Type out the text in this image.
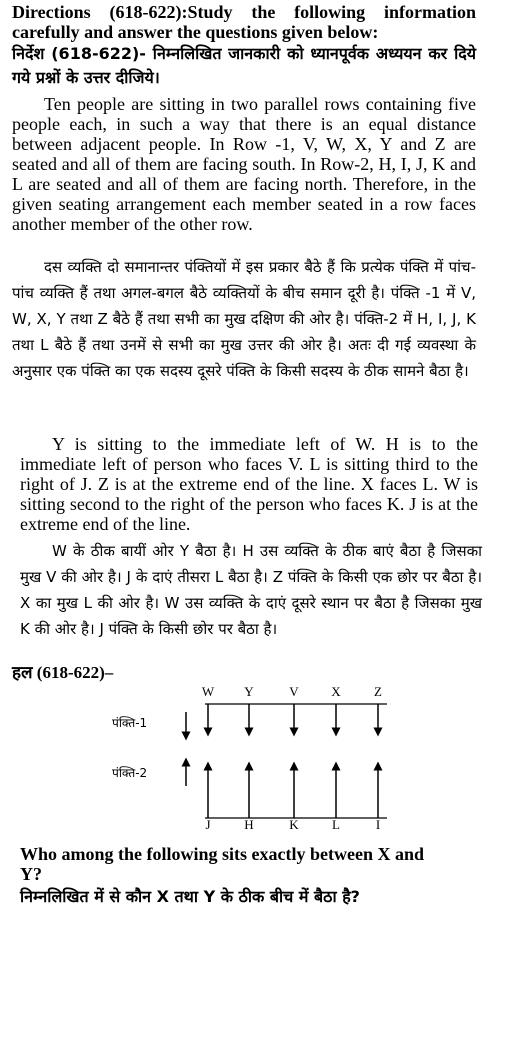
Directions (618-622):Study the following information carefully and answer the questions given below:
निर्देश (618-622)- निम्नलिखित जानकारी को ध्यानपूर्वक अध्ययन कर दिये गये प्रश्नों के उत्तर दीजिये।
Ten people are sitting in two parallel rows containing five people each, in such a way that there is an equal distance between adjacent people. In Row -1, V, W, X, Y and Z are seated and all of them are facing south. In Row-2, H, I, J, K and L are seated and all of them are facing north. Therefore, in the given seating arrangement each member seated in a row faces another member of the other row.
दस व्यक्ति दो समानान्तर पंक्तियों में इस प्रकार बैठे हैं कि प्रत्येक पंक्ति में पांच-पांच व्यक्ति हैं तथा अगल-बगल बैठे व्यक्तियों के बीच समान दूरी है। पंक्ति -1 में V, W, X, Y तथा Z बैठे हैं तथा सभी का मुख दक्षिण की ओर है। पंक्ति-2 में H, I, J, K तथा L बैठे हैं तथा उनमें से सभी का मुख उत्तर की ओर है। अतः दी गई व्यवस्था के अनुसार एक पंक्ति का एक सदस्य दूसरे पंक्ति के किसी सदस्य के ठीक सामने बैठा है।
Y is sitting to the immediate left of W. H is to the immediate left of person who faces V. L is sitting third to the right of J. Z is at the extreme end of the line. X faces L. W is sitting second to the right of the person who faces K. J is at the extreme end of the line.
W के ठीक बायीं ओर Y बैठा है। H उस व्यक्ति के ठीक बाएं बैठा है जिसका मुख V की ओर है। J के दाएं तीसरा L बैठा है। Z पंक्ति के किसी एक छोर पर बैठा है। X का मुख L की ओर है। W उस व्यक्ति के दाएं दूसरे स्थान पर बैठा है जिसका मुख K की ओर है। J पंक्ति के किसी छोर पर बैठा है।
हल (618-622)–
पंक्ति-1
पंक्ति-2
W Y	V	X	Z
J	H	K	L	I
Who among the following sits exactly between X and Y?
निम्नलिखित में से कौन X तथा Y के ठीक बीच में बैठा है?
